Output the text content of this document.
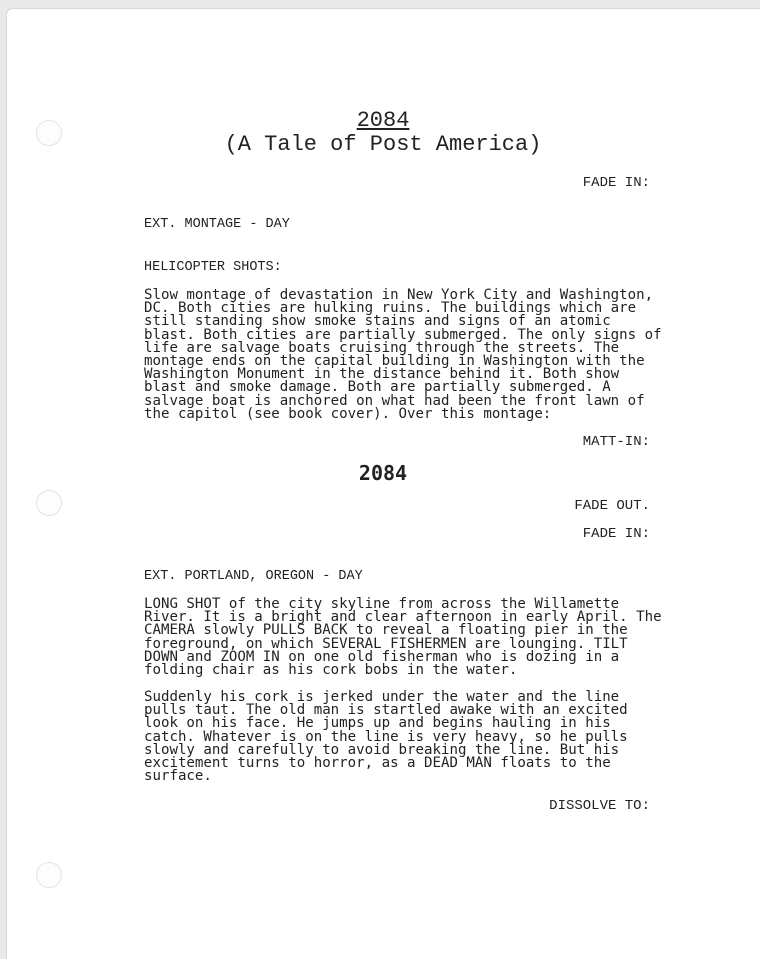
2084
(A Tale of Post America)
FADE IN:
EXT. MONTAGE - DAY
HELICOPTER SHOTS:
Slow montage of devastation in New York City and Washington,
DC. Both cities are hulking ruins. The buildings which are
still standing show smoke stains and signs of an atomic
blast. Both cities are partially submerged. The only signs of
life are salvage boats cruising through the streets. The
montage ends on the capital building in Washington with the
Washington Monument in the distance behind it. Both show
blast and smoke damage. Both are partially submerged. A
salvage boat is anchored on what had been the front lawn of
the capitol (see book cover). Over this montage:
MATT-IN:
2084
FADE OUT.
FADE IN:
EXT. PORTLAND, OREGON - DAY
LONG SHOT of the city skyline from across the Willamette
River. It is a bright and clear afternoon in early April. The
CAMERA slowly PULLS BACK to reveal a floating pier in the
foreground, on which SEVERAL FISHERMEN are lounging. TILT
DOWN and ZOOM IN on one old fisherman who is dozing in a
folding chair as his cork bobs in the water.
Suddenly his cork is jerked under the water and the line
pulls taut. The old man is startled awake with an excited
look on his face. He jumps up and begins hauling in his
catch. Whatever is on the line is very heavy, so he pulls
slowly and carefully to avoid breaking the line. But his
excitement turns to horror, as a DEAD MAN floats to the
surface.
DISSOLVE TO:
